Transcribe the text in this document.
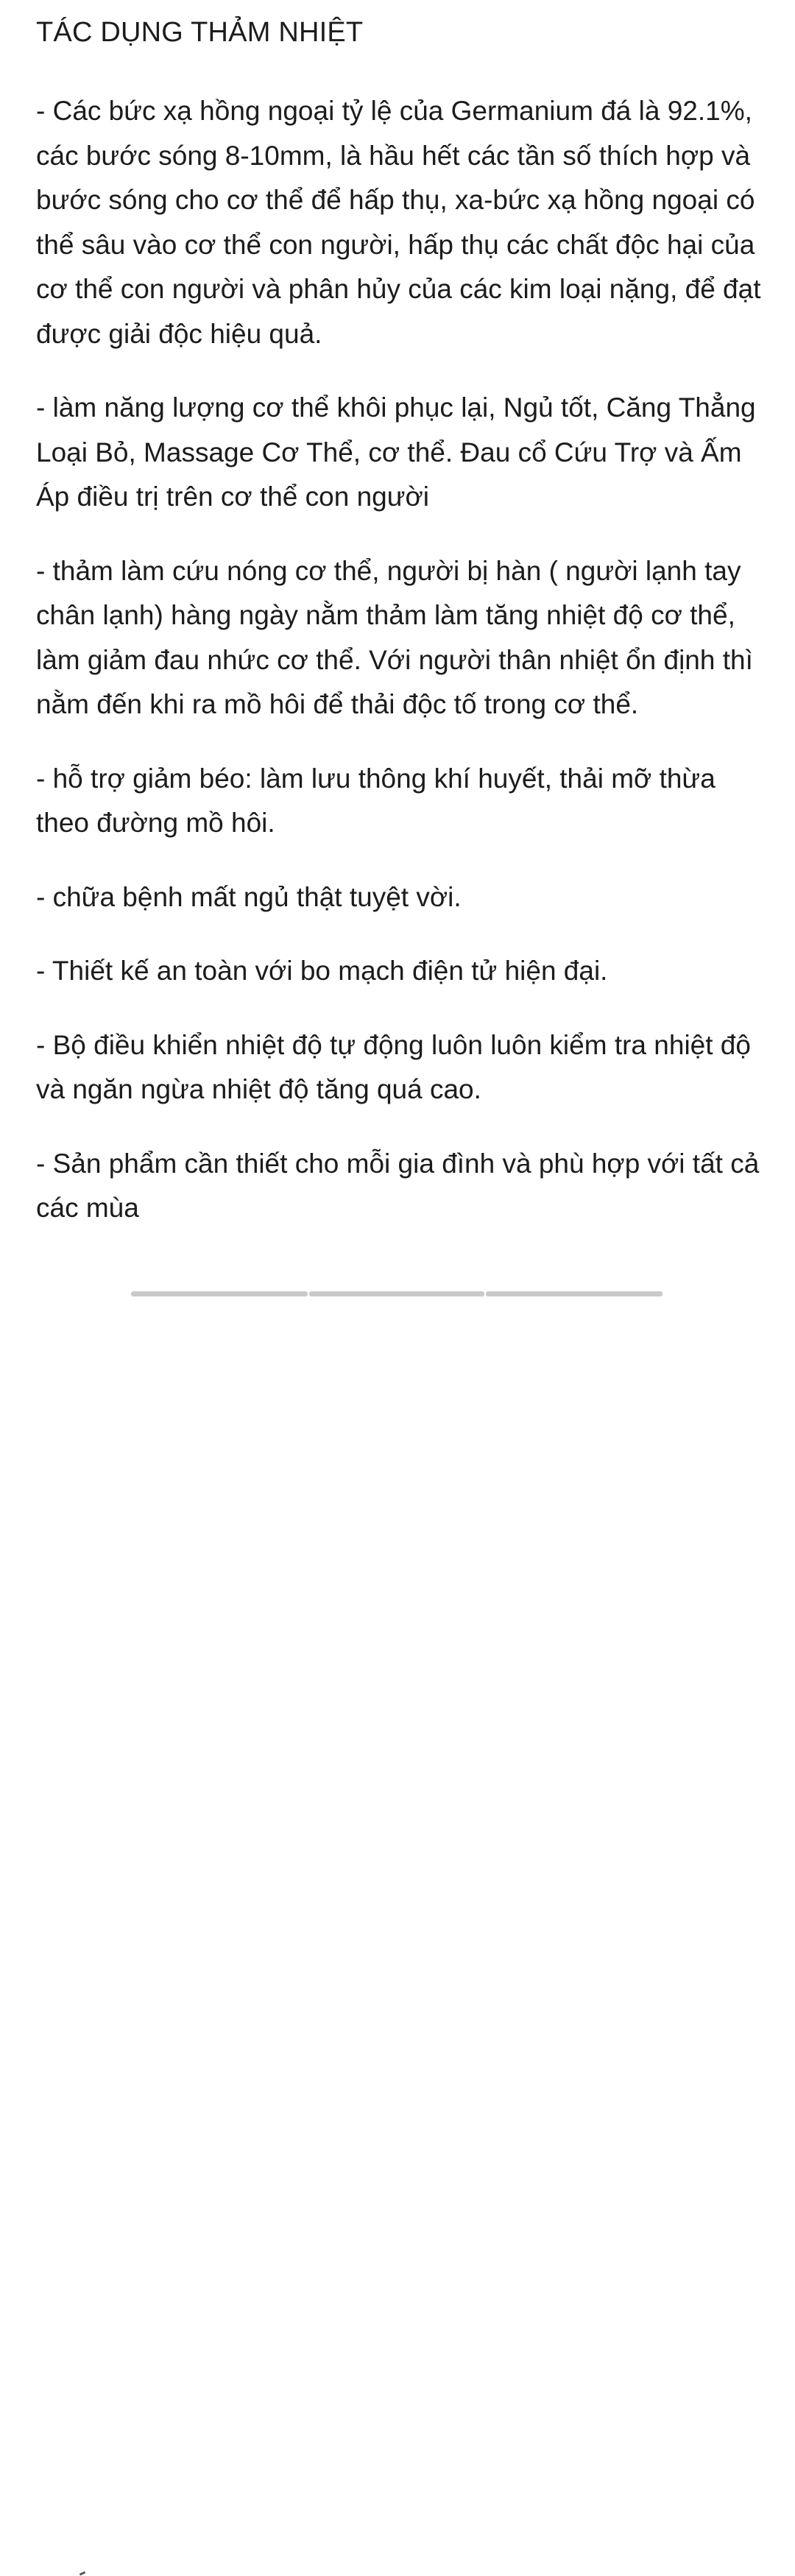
TÁC DỤNG THẢM NHIỆT

- Các bức xạ hồng ngoại tỷ lệ của Germanium đá là 92.1%, các bước sóng 8-10mm, là hầu hết các tần số thích hợp và bước sóng cho cơ thể để hấp thụ, xa-bức xạ hồng ngoại có thể sâu vào cơ thể con người, hấp thụ các chất độc hại của cơ thể con người và phân hủy của các kim loại nặng, để đạt được giải độc hiệu quả.

- làm năng lượng cơ thể khôi phục lại, Ngủ tốt, Căng Thẳng Loại Bỏ, Massage Cơ Thể, cơ thể. Đau cổ Cứu Trợ và Ấm Áp điều trị trên cơ thể con người

- thảm làm cứu nóng cơ thể, người bị hàn ( người lạnh tay chân lạnh) hàng ngày nằm thảm làm tăng nhiệt độ cơ thể, làm giảm đau nhức cơ thể. Với người thân nhiệt ổn định thì nằm đến khi ra mồ hôi để thải độc tố trong cơ thể.

- hỗ trợ giảm béo: làm lưu thông khí huyết, thải mỡ thừa theo đường mồ hôi.

- chữa bệnh mất ngủ thật tuyệt vời.

- Thiết kế an toàn với bo mạch điện tử hiện đại.

- Bộ điều khiển nhiệt độ tự động luôn luôn kiểm tra nhiệt độ và ngăn ngừa nhiệt độ tăng quá cao.

- Sản phẩm cần thiết cho mỗi gia đình và phù hợp với tất cả các mùa
